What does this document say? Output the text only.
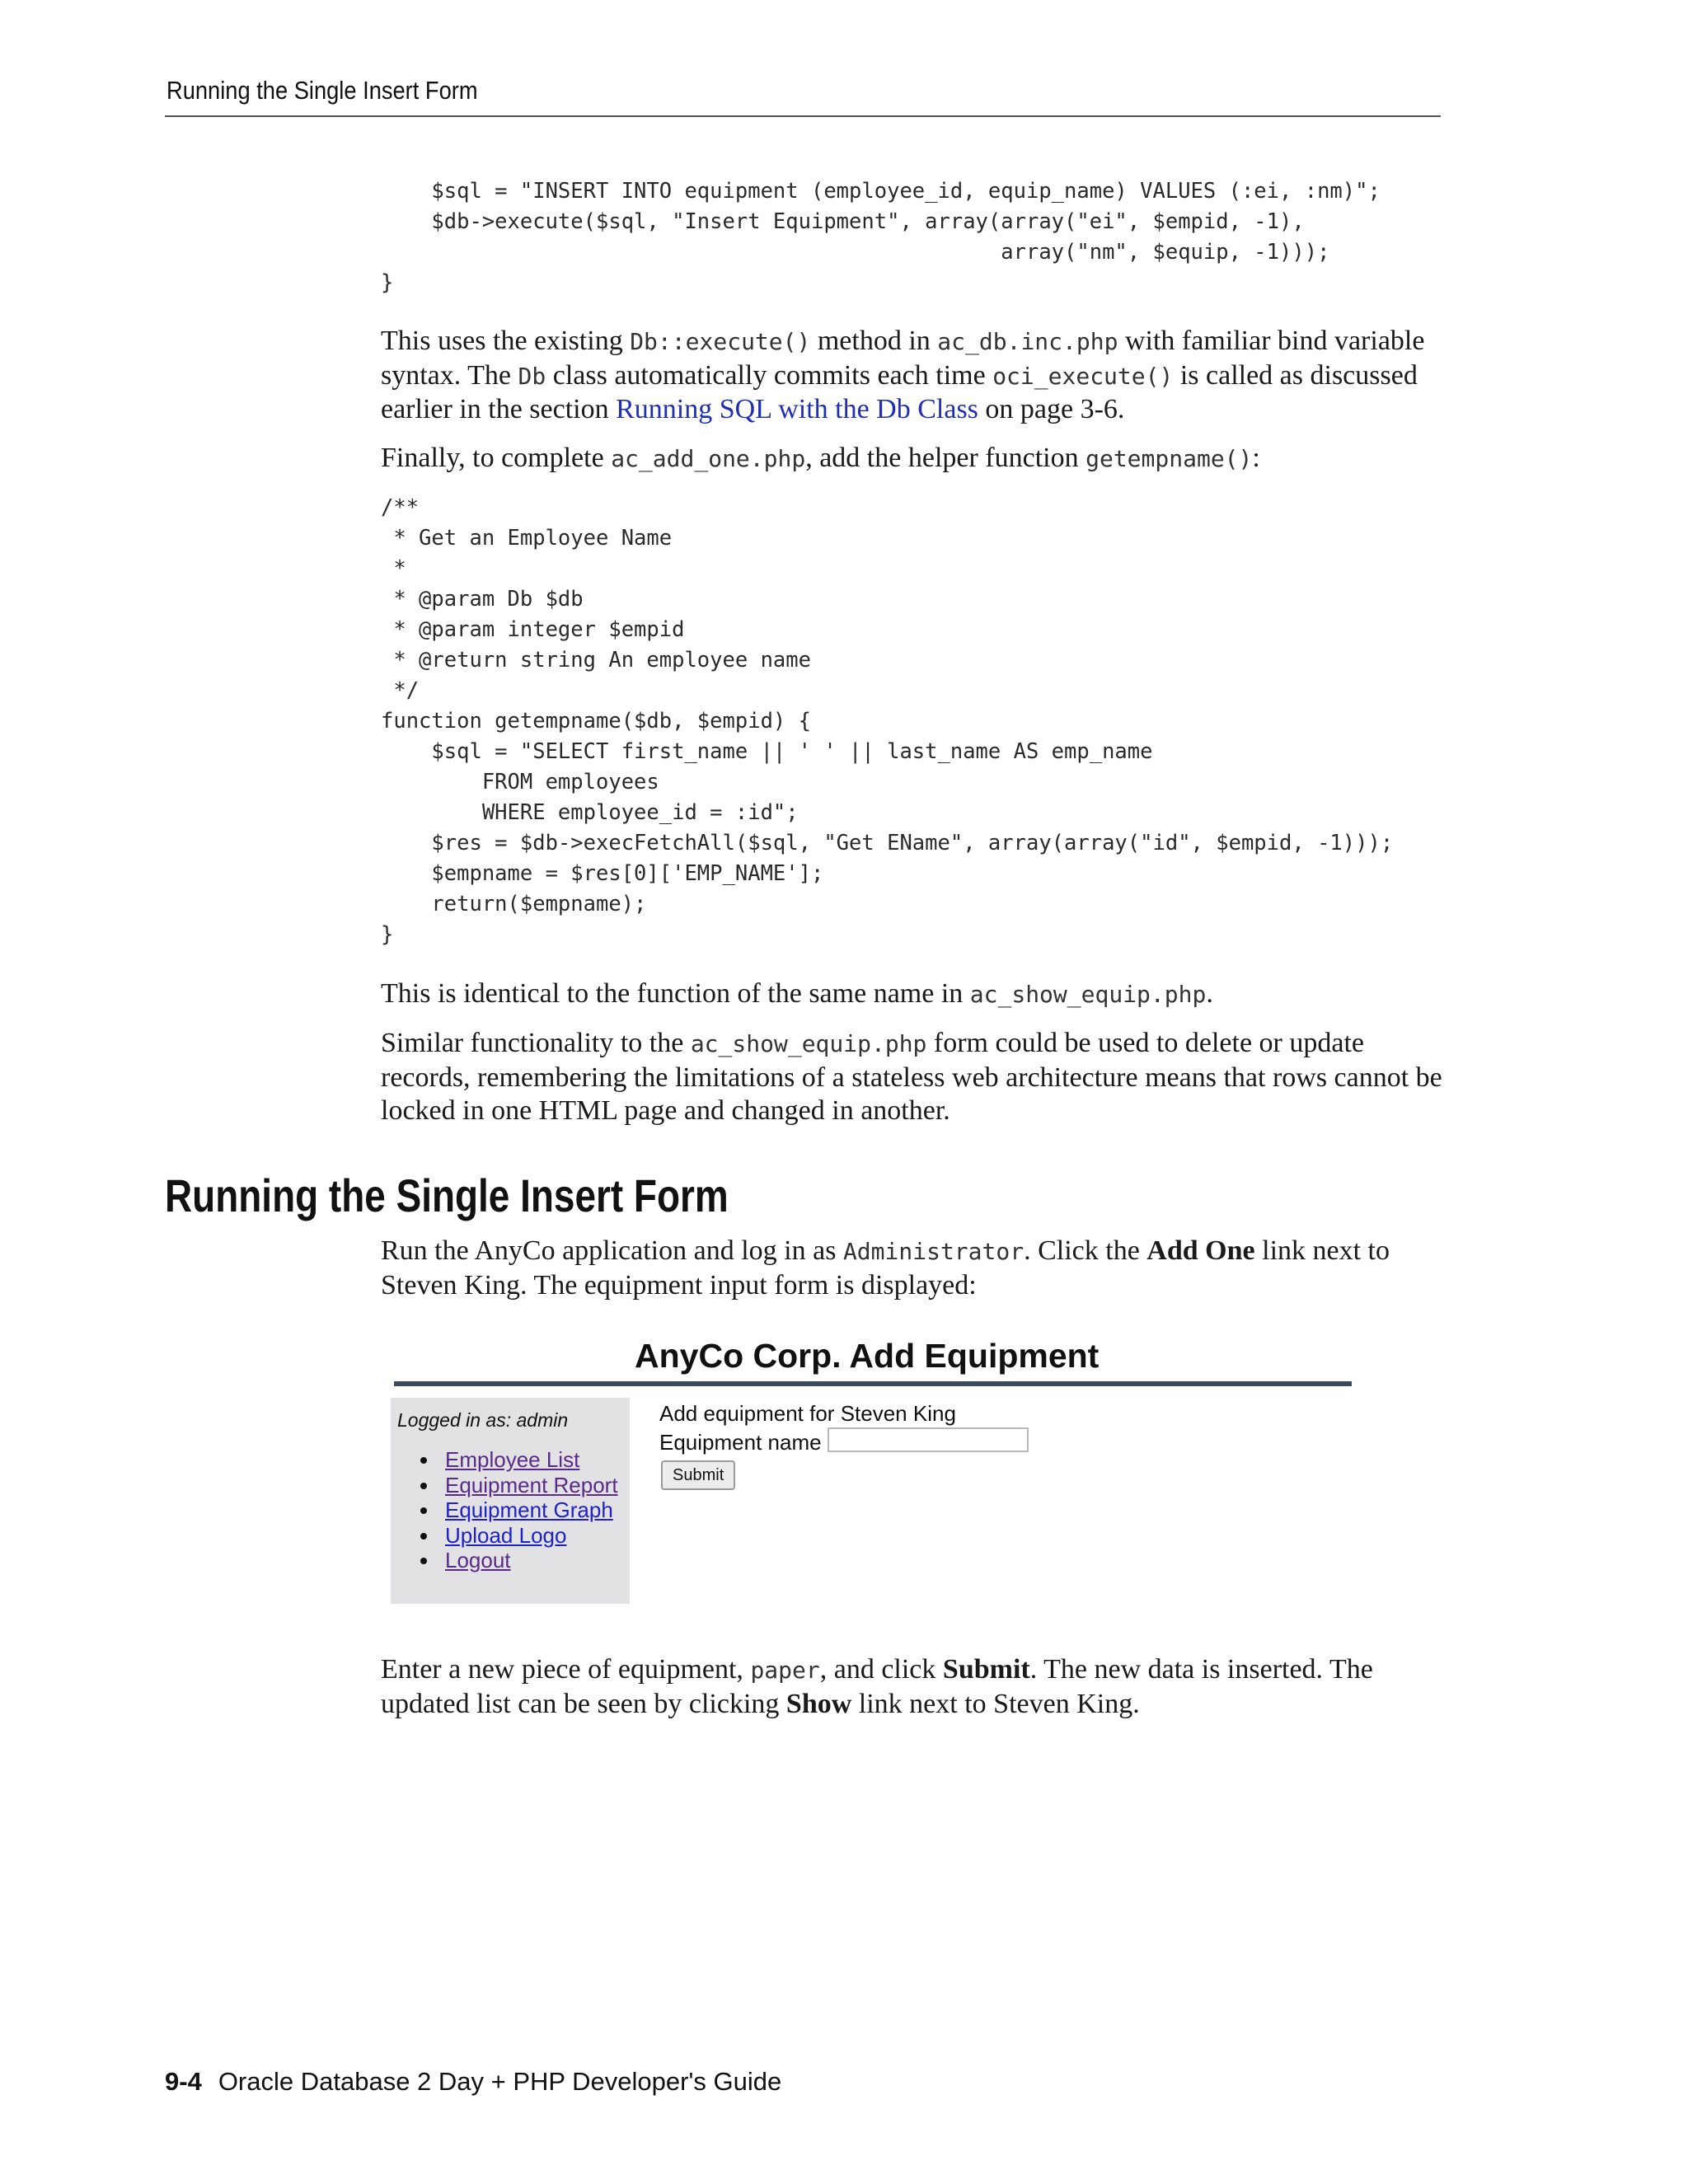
Running the Single Insert Form
$sql = "INSERT INTO equipment (employee_id, equip_name) VALUES (:ei, :nm)";
$db->execute($sql, "Insert Equipment", array(array("ei", $empid, -1),
array("nm", $equip, -1)));
}

This uses the existing Db::execute() method in ac_db.inc.php with familiar bind variable syntax. The Db class automatically commits each time oci_execute() is called as discussed earlier in the section Running SQL with the Db Class on page 3-6.

Finally, to complete ac_add_one.php, add the helper function getempname():

/**
* Get an Employee Name
*
* @param Db $db
* @param integer $empid
* @return string An employee name
*/
function getempname($db, $empid) {
$sql = "SELECT first_name || ' ' || last_name AS emp_name
FROM employees
WHERE employee_id = :id";
$res = $db->execFetchAll($sql, "Get EName", array(array("id", $empid, -1)));
$empname = $res[0]['EMP_NAME'];
return($empname);
}

This is identical to the function of the same name in ac_show_equip.php.

Similar functionality to the ac_show_equip.php form could be used to delete or update records, remembering the limitations of a stateless web architecture means that rows cannot be locked in one HTML page and changed in another.

Running the Single Insert Form

Run the AnyCo application and log in as Administrator. Click the Add One link next to Steven King. The equipment input form is displayed:

AnyCo Corp. Add Equipment
Logged in as: admin
Employee List
Equipment Report
Equipment Graph
Upload Logo
Logout
Add equipment for Steven King
Equipment name
Submit

Enter a new piece of equipment, paper, and click Submit. The new data is inserted. The updated list can be seen by clicking Show link next to Steven King.

9-4 Oracle Database 2 Day + PHP Developer's Guide
